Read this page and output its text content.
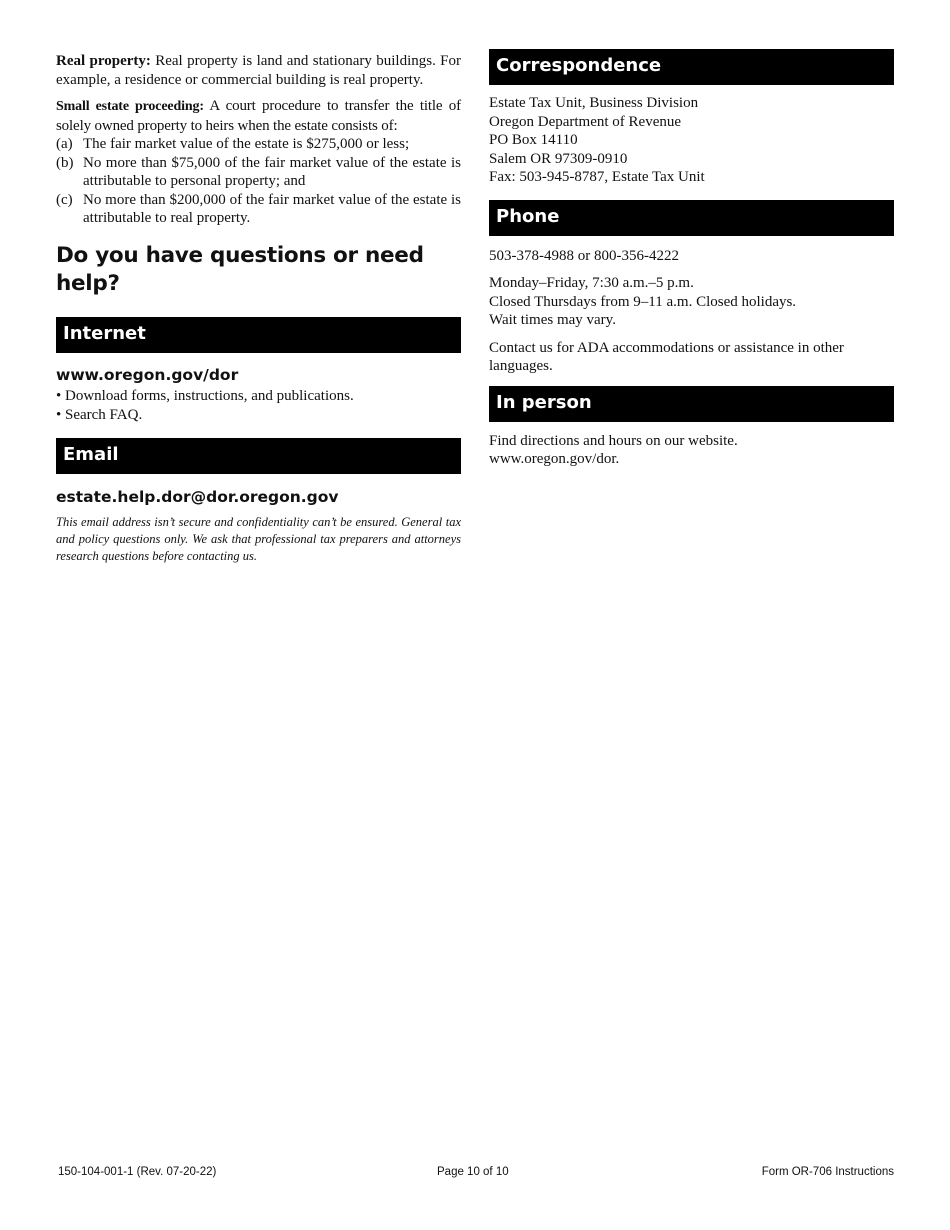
Real property: Real property is land and stationary buildings. For example, a residence or commercial building is real property.

Small estate proceeding: A court procedure to transfer the title of solely owned property to heirs when the estate consists of:

(a) The fair market value of the estate is $275,000 or less;
(b) No more than $75,000 of the fair market value of the estate is attributable to personal property; and
(c) No more than $200,000 of the fair market value of the estate is attributable to real property.
Do you have questions or need help?
Internet
www.oregon.gov/dor

• Download forms, instructions, and publications.

• Search FAQ.

Email
estate.help.dor@dor.oregon.gov

This email address isn’t secure and confidentiality can’t be ensured. General tax and policy questions only. We ask that professional tax preparers and attorneys research questions before contacting us.

Correspondence

Estate Tax Unit, Business Division

Oregon Department of Revenue

PO Box 14110

Salem OR 97309-0910

Fax: 503-945-8787, Estate Tax Unit

Phone

503-378-4988 or 800-356-4222

Monday–Friday, 7:30 a.m.–5 p.m.

Closed Thursdays from 9–11 a.m. Closed holidays.

Wait times may vary.

Contact us for ADA accommodations or assistance in other languages.

In person

Find directions and hours on our website.

www.oregon.gov/dor.

150-104-001-1 (Rev. 07-20-22)	Page 10 of 10	Form OR-706 Instructions
